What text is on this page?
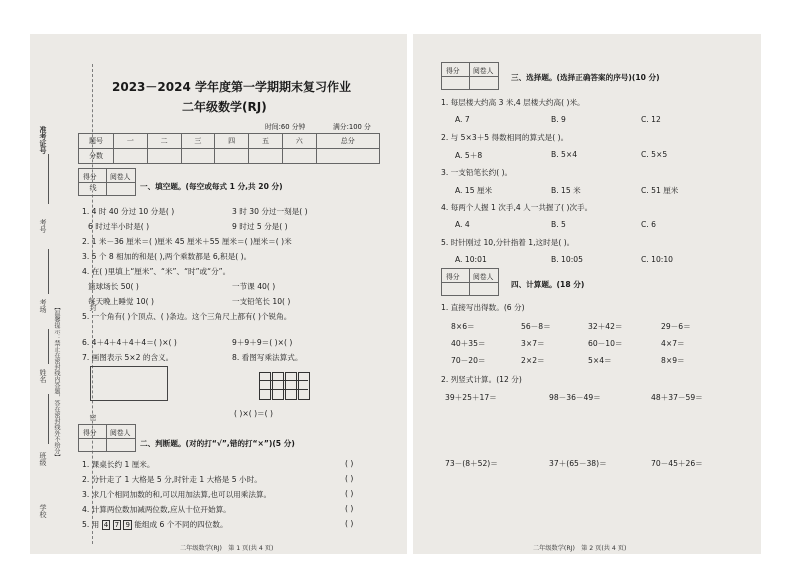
准考证号
考号
考场
姓名
班级
学校
【温馨提示：禁止在密封线内答题，答在密封线外不给分】
线
封
密
2023－2024 学年度第一学期期末复习作业
二年级数学(RJ)
时间:60 分钟	满分:100 分
题号	一	二	三	四	五	六	总分
分数							
得分 阅卷人
一、填空题。(每空或每式 1 分,共 20 分)
1. 4 时 40 分过 10 分是( )	3 时 30 分过一刻是( )
6 时过半小时是( )	9 时过 5 分是( )
2. 1 米－36 厘米＝( )厘米 45 厘米＋55 厘米＝( )厘米＝( )米
3. 5 个 8 相加的和是( ),两个乘数都是 6,积是( )。
4. 在( )里填上“厘米”、“米”、“时”或“分”。
篮球场长 50( )	一节课 40( )
每天晚上睡觉 10( )	一支铅笔长 10( )
5. 一个角有( )个顶点、( )条边。这个三角尺上都有( )个锐角。
6. 4＋4＋4＋4＋4＝( )×( )	9＋9＋9＝( )×( )
7. 画图表示 5×2 的含义。	8. 看图写乘法算式。
( )×( )＝( )
得分 阅卷人
二、判断题。(对的打“√”,错的打“×”)(5 分)
1. 课桌长约 1 厘米。
2. 分针走了 1 大格是 5 分,时针走 1 大格是 5 小时。
3. 求几个相同加数的和,可以用加法算,也可以用乘法算。
4. 计算两位数加减两位数,应从十位开始算。
5. 用 4 7 9 能组成 6 个不同的四位数。
( )
( )
( )
( )
( )
二年级数学(RJ)　第 1 页(共 4 页)
得分 阅卷人
三、选择题。(选择正确答案的序号)(10 分)
1. 每层楼大约高 3 米,4 层楼大约高( )米。
A. 7	B. 9	C. 12
2. 与 5×3＋5 得数相同的算式是( )。
A. 5＋8	B. 5×4	C. 5×5
3. 一支铅笔长约( )。
A. 15 厘米	B. 15 米	C. 51 厘米
4. 每两个人握 1 次手,4 人一共握了( )次手。
A. 4	B. 5	C. 6
5. 时针刚过 10,分针指着 1,这时是( )。
A. 10:01	B. 10:05	C. 10:10
得分 阅卷人
四、计算题。(18 分)
1. 直接写出得数。(6 分)
8×6＝	56－8＝	32＋42＝	29－6＝
40＋35＝	3×7＝	60－10＝	4×7＝
70－20＝	2×2＝	5×4＝	8×9＝
2. 列竖式计算。(12 分)
39＋25＋17＝	98－36－49＝	48＋37－59＝
73－(8＋52)＝	37＋(65－38)＝	70－45＋26＝
二年级数学(RJ)　第 2 页(共 4 页)
